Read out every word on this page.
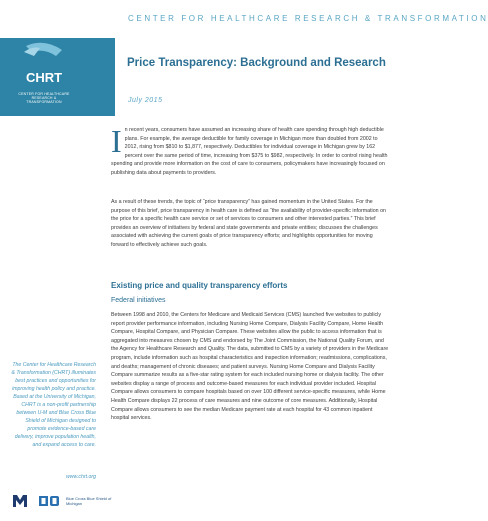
CENTER FOR HEALTHCARE RESEARCH & TRANSFORMATION
CHRT
CENTER FOR HEALTHCARE RESEARCH & TRANSFORMATION
Price Transparency: Background and Research
July 2015
I n recent years, consumers have assumed an increasing share of health care spending through high deductible plans. For example, the average deductible for family coverage in Michigan more than doubled from 2002 to 2012, rising from $810 to $1,877, respectively. Deductibles for individual coverage in Michigan grew by 162 percent over the same period of time, increasing from $375 to $982, respectively. In order to control rising health spending and provide more information on the cost of care to consumers, policymakers have increasingly focused on publishing data about payments to providers.
As a result of these trends, the topic of “price transparency” has gained momentum in the United States. For the purpose of this brief, price transparency in health care is defined as “the availability of provider-specific information on the price for a specific health care service or set of services to consumers and other interested parties.” This brief provides an overview of initiatives by federal and state governments and private entities; discusses the challenges associated with achieving the current goals of price transparency efforts; and highlights opportunities for moving forward to effectively achieve such goals.
Existing price and quality transparency efforts
Federal initiatives
Between 1998 and 2010, the Centers for Medicare and Medicaid Services (CMS) launched five websites to publicly report provider performance information, including Nursing Home Compare, Dialysis Facility Compare, Home Health Compare, Hospital Compare, and Physician Compare. These websites allow the public to access information that is aggregated into measures chosen by CMS and endorsed by The Joint Commission, the National Quality Forum, and the Agency for Healthcare Research and Quality. The data, submitted to CMS by a variety of providers in the Medicare program, include information such as hospital characteristics and inspection information; readmissions, complications, and deaths; management of chronic diseases; and patient surveys. Nursing Home Compare and Dialysis Facility Compare summarize results as a five-star rating system for each included nursing home or dialysis facility. The other websites display a range of process and outcome-based measures for each individual provider included. Hospital Compare allows consumers to compare hospitals based on over 100 different service-specific measures, while Home Health Compare displays 22 process of care measures and nine outcome of core measures. Additionally, Hospital Compare allows consumers to see the median Medicare payment rate at each hospital for 43 common inpatient hospital services.
The Center for Healthcare Research & Transformation (CHRT) illuminates best practices and opportunities for improving health policy and practice. Based at the University of Michigan, CHRT is a non-profit partnership between U-M and Blue Cross Blue Shield of Michigan designed to promote evidence-based care delivery, improve population health, and expand access to care.
www.chrt.org
Blue Cross Blue Shield of Michigan
